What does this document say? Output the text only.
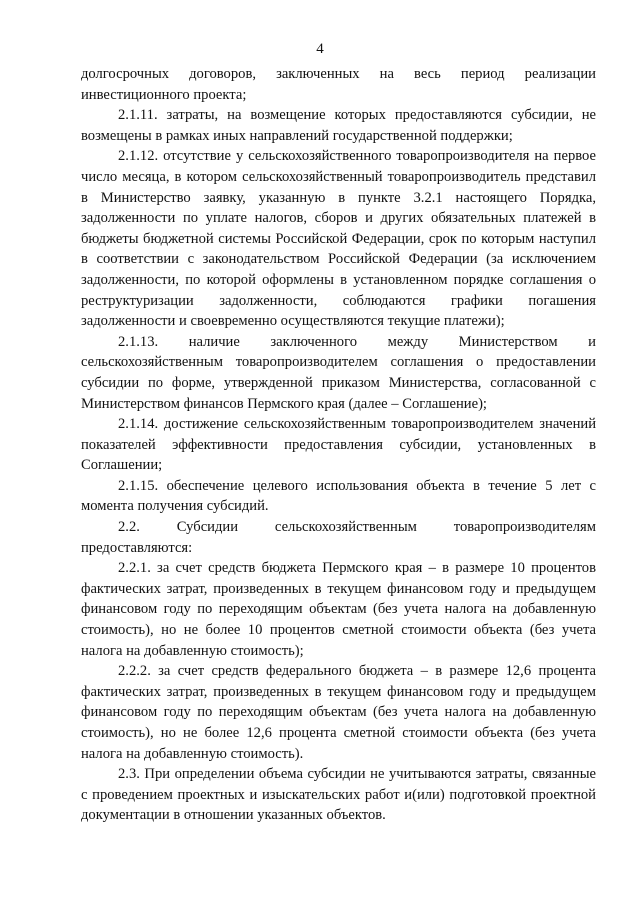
4

долгосрочных договоров, заключенных на весь период реализации инвестиционного проекта;

2.1.11. затраты, на возмещение которых предоставляются субсидии, не возмещены в рамках иных направлений государственной поддержки;

2.1.12. отсутствие у сельскохозяйственного товаропроизводителя на первое число месяца, в котором сельскохозяйственный товаропроизводитель представил в Министерство заявку, указанную в пункте 3.2.1 настоящего Порядка, задолженности по уплате налогов, сборов и других обязательных платежей в бюджеты бюджетной системы Российской Федерации, срок по которым наступил в соответствии с законодательством Российской Федерации (за исключением задолженности, по которой оформлены в установленном порядке соглашения о реструктуризации задолженности, соблюдаются графики погашения задолженности и своевременно осуществляются текущие платежи);

2.1.13. наличие заключенного между Министерством и сельскохозяйственным товаропроизводителем соглашения о предоставлении субсидии по форме, утвержденной приказом Министерства, согласованной с Министерством финансов Пермского края (далее – Соглашение);

2.1.14. достижение сельскохозяйственным товаропроизводителем значений показателей эффективности предоставления субсидии, установленных в Соглашении;

2.1.15. обеспечение целевого использования объекта в течение 5 лет с момента получения субсидий.

2.2. Субсидии сельскохозяйственным товаропроизводителям предоставляются:

2.2.1. за счет средств бюджета Пермского края – в размере 10 процентов фактических затрат, произведенных в текущем финансовом году и предыдущем финансовом году по переходящим объектам (без учета налога на добавленную стоимость), но не более 10 процентов сметной стоимости объекта (без учета налога на добавленную стоимость);

2.2.2. за счет средств федерального бюджета – в размере 12,6 процента фактических затрат, произведенных в текущем финансовом году и предыдущем финансовом году по переходящим объектам (без учета налога на добавленную стоимость), но не более 12,6 процента сметной стоимости объекта (без учета налога на добавленную стоимость).

2.3. При определении объема субсидии не учитываются затраты, связанные с проведением проектных и изыскательских работ и(или) подготовкой проектной документации в отношении указанных объектов.
